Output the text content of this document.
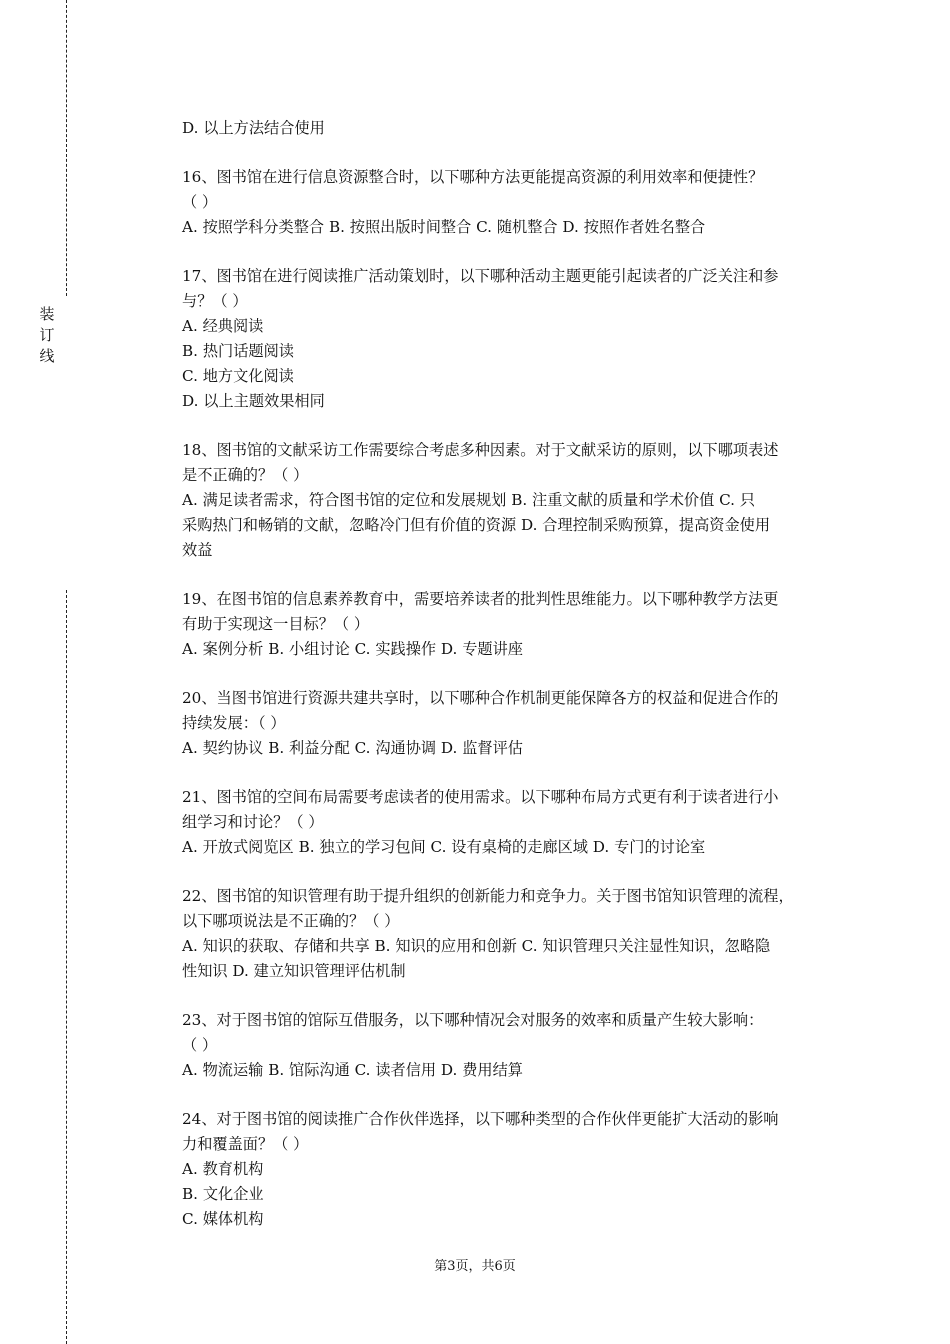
装
订
线
D. 以上方法结合使用
16、图书馆在进行信息资源整合时，以下哪种方法更能提高资源的利用效率和便捷性？
（ ）
A. 按照学科分类整合 B. 按照出版时间整合 C. 随机整合 D. 按照作者姓名整合
17、图书馆在进行阅读推广活动策划时，以下哪种活动主题更能引起读者的广泛关注和参
与？（ ）
A. 经典阅读
B. 热门话题阅读
C. 地方文化阅读
D. 以上主题效果相同
18、图书馆的文献采访工作需要综合考虑多种因素。对于文献采访的原则，以下哪项表述
是不正确的？（ ）
A. 满足读者需求，符合图书馆的定位和发展规划 B. 注重文献的质量和学术价值 C. 只
采购热门和畅销的文献，忽略冷门但有价值的资源 D. 合理控制采购预算，提高资金使用
效益
19、在图书馆的信息素养教育中，需要培养读者的批判性思维能力。以下哪种教学方法更
有助于实现这一目标？（ ）
A. 案例分析 B. 小组讨论 C. 实践操作 D. 专题讲座
20、当图书馆进行资源共建共享时，以下哪种合作机制更能保障各方的权益和促进合作的
持续发展：（ ）
A. 契约协议 B. 利益分配 C. 沟通协调 D. 监督评估
21、图书馆的空间布局需要考虑读者的使用需求。以下哪种布局方式更有利于读者进行小
组学习和讨论？（ ）
A. 开放式阅览区 B. 独立的学习包间 C. 设有桌椅的走廊区域 D. 专门的讨论室
22、图书馆的知识管理有助于提升组织的创新能力和竞争力。关于图书馆知识管理的流程，
以下哪项说法是不正确的？（ ）
A. 知识的获取、存储和共享 B. 知识的应用和创新 C. 知识管理只关注显性知识，忽略隐
性知识 D. 建立知识管理评估机制
23、对于图书馆的馆际互借服务，以下哪种情况会对服务的效率和质量产生较大影响：
（ ）
A. 物流运输 B. 馆际沟通 C. 读者信用 D. 费用结算
24、对于图书馆的阅读推广合作伙伴选择，以下哪种类型的合作伙伴更能扩大活动的影响
力和覆盖面？（ ）
A. 教育机构
B. 文化企业
C. 媒体机构
第3页，共6页
